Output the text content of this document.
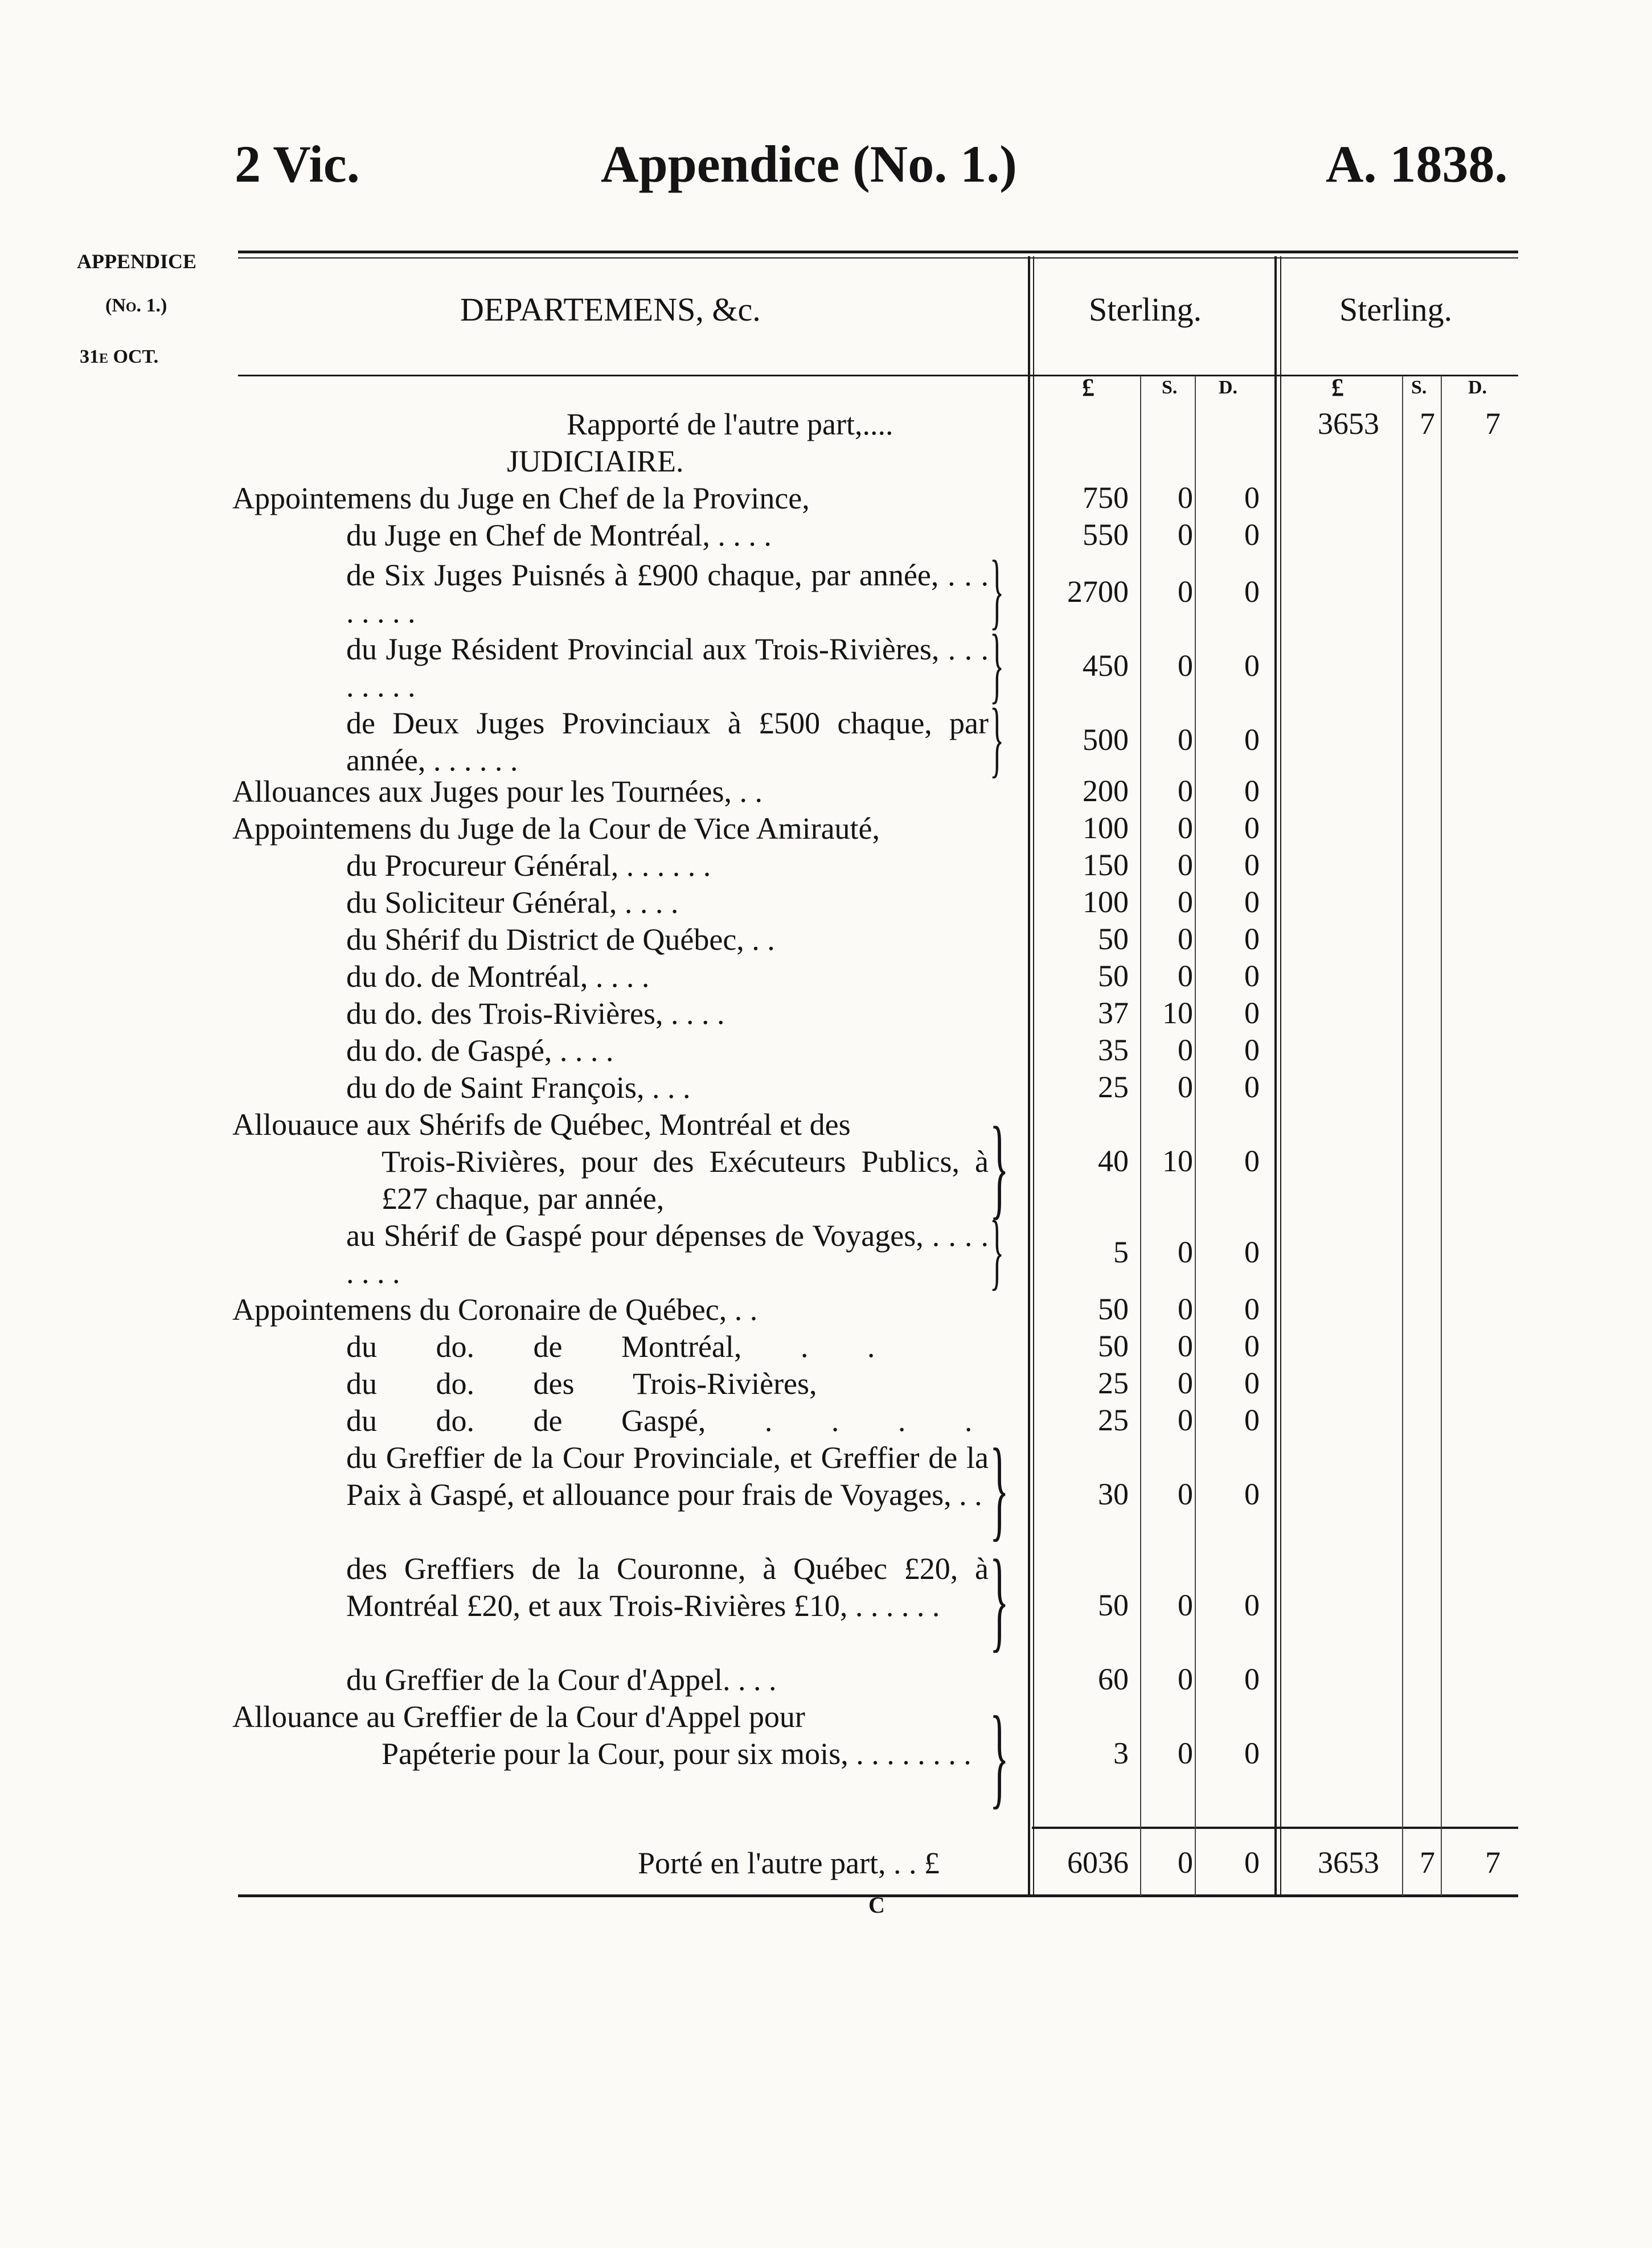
2 Vic.	Appendice (No. 1.)	A. 1838.
APPENDICE
(No. 1.)
31e OCT.
DEPARTEMENS, &c.	Sterling.	Sterling.
£	S. D.	£	S. D.
Rapporté de l'autre part,....	3653	7	7
JUDICIAIRE.
Appointemens du Juge en Chef de la Province,	750	0	0
du Juge en Chef de Montréal, . . . .	550	0	0
de Six Juges Puisnés à £900 chaque, par année, . . . . . . . .	}	2700	0	0
du Juge Résident Provincial aux Trois-Rivières, . . . . . . . .	}	450	0	0
de Deux Juges Provinciaux à £500 chaque, par année, . . . . . .	}	500	0	0
Allouances aux Juges pour les Tournées, . .	200	0	0
Appointemens du Juge de la Cour de Vice Amirauté,	100	0	0
du Procureur Général, . . . . . .	150	0	0
du Soliciteur Général, . . . .	100	0	0
du Shérif du District de Québec, . .	50	0	0
du do. de Montréal, . . . .	50	0	0
du do. des Trois-Rivières, . . . .	37	10	0
du do. de Gaspé, . . . .	35	0	0
du do de Saint François, . . .	25	0	0
Allouauce aux Shérifs de Québec, Montréal et des
Trois-Rivières, pour des Exécuteurs Publics, à £27 chaque, par année,	}	40	10	0
au Shérif de Gaspé pour dépenses de Voyages, . . . . . . . .	}	5	0	0
Appointemens du Coronaire de Québec, . .	50	0	0
du do. de Montréal, . .	50	0	0
du do. des Trois-Rivières,	25	0	0
du do. de Gaspé, . . . .	25	0	0
du Greffier de la Cour Provinciale, et Greffier de la Paix à Gaspé, et allouance pour frais de Voyages, . . }	30	0	0
des Greffiers de la Couronne, à Québec £20, à Montréal £20, et aux Trois-Rivières £10, . . . . . . }	50	0	0
du Greffier de la Cour d'Appel. . . .	60	0	0
Allouance au Greffier de la Cour d'Appel pour
Papéterie pour la Cour, pour six mois, . . . . . . . . }	3	0	0
Porté en l'autre part, . . £	6036	0	0	3653	7	7
C
